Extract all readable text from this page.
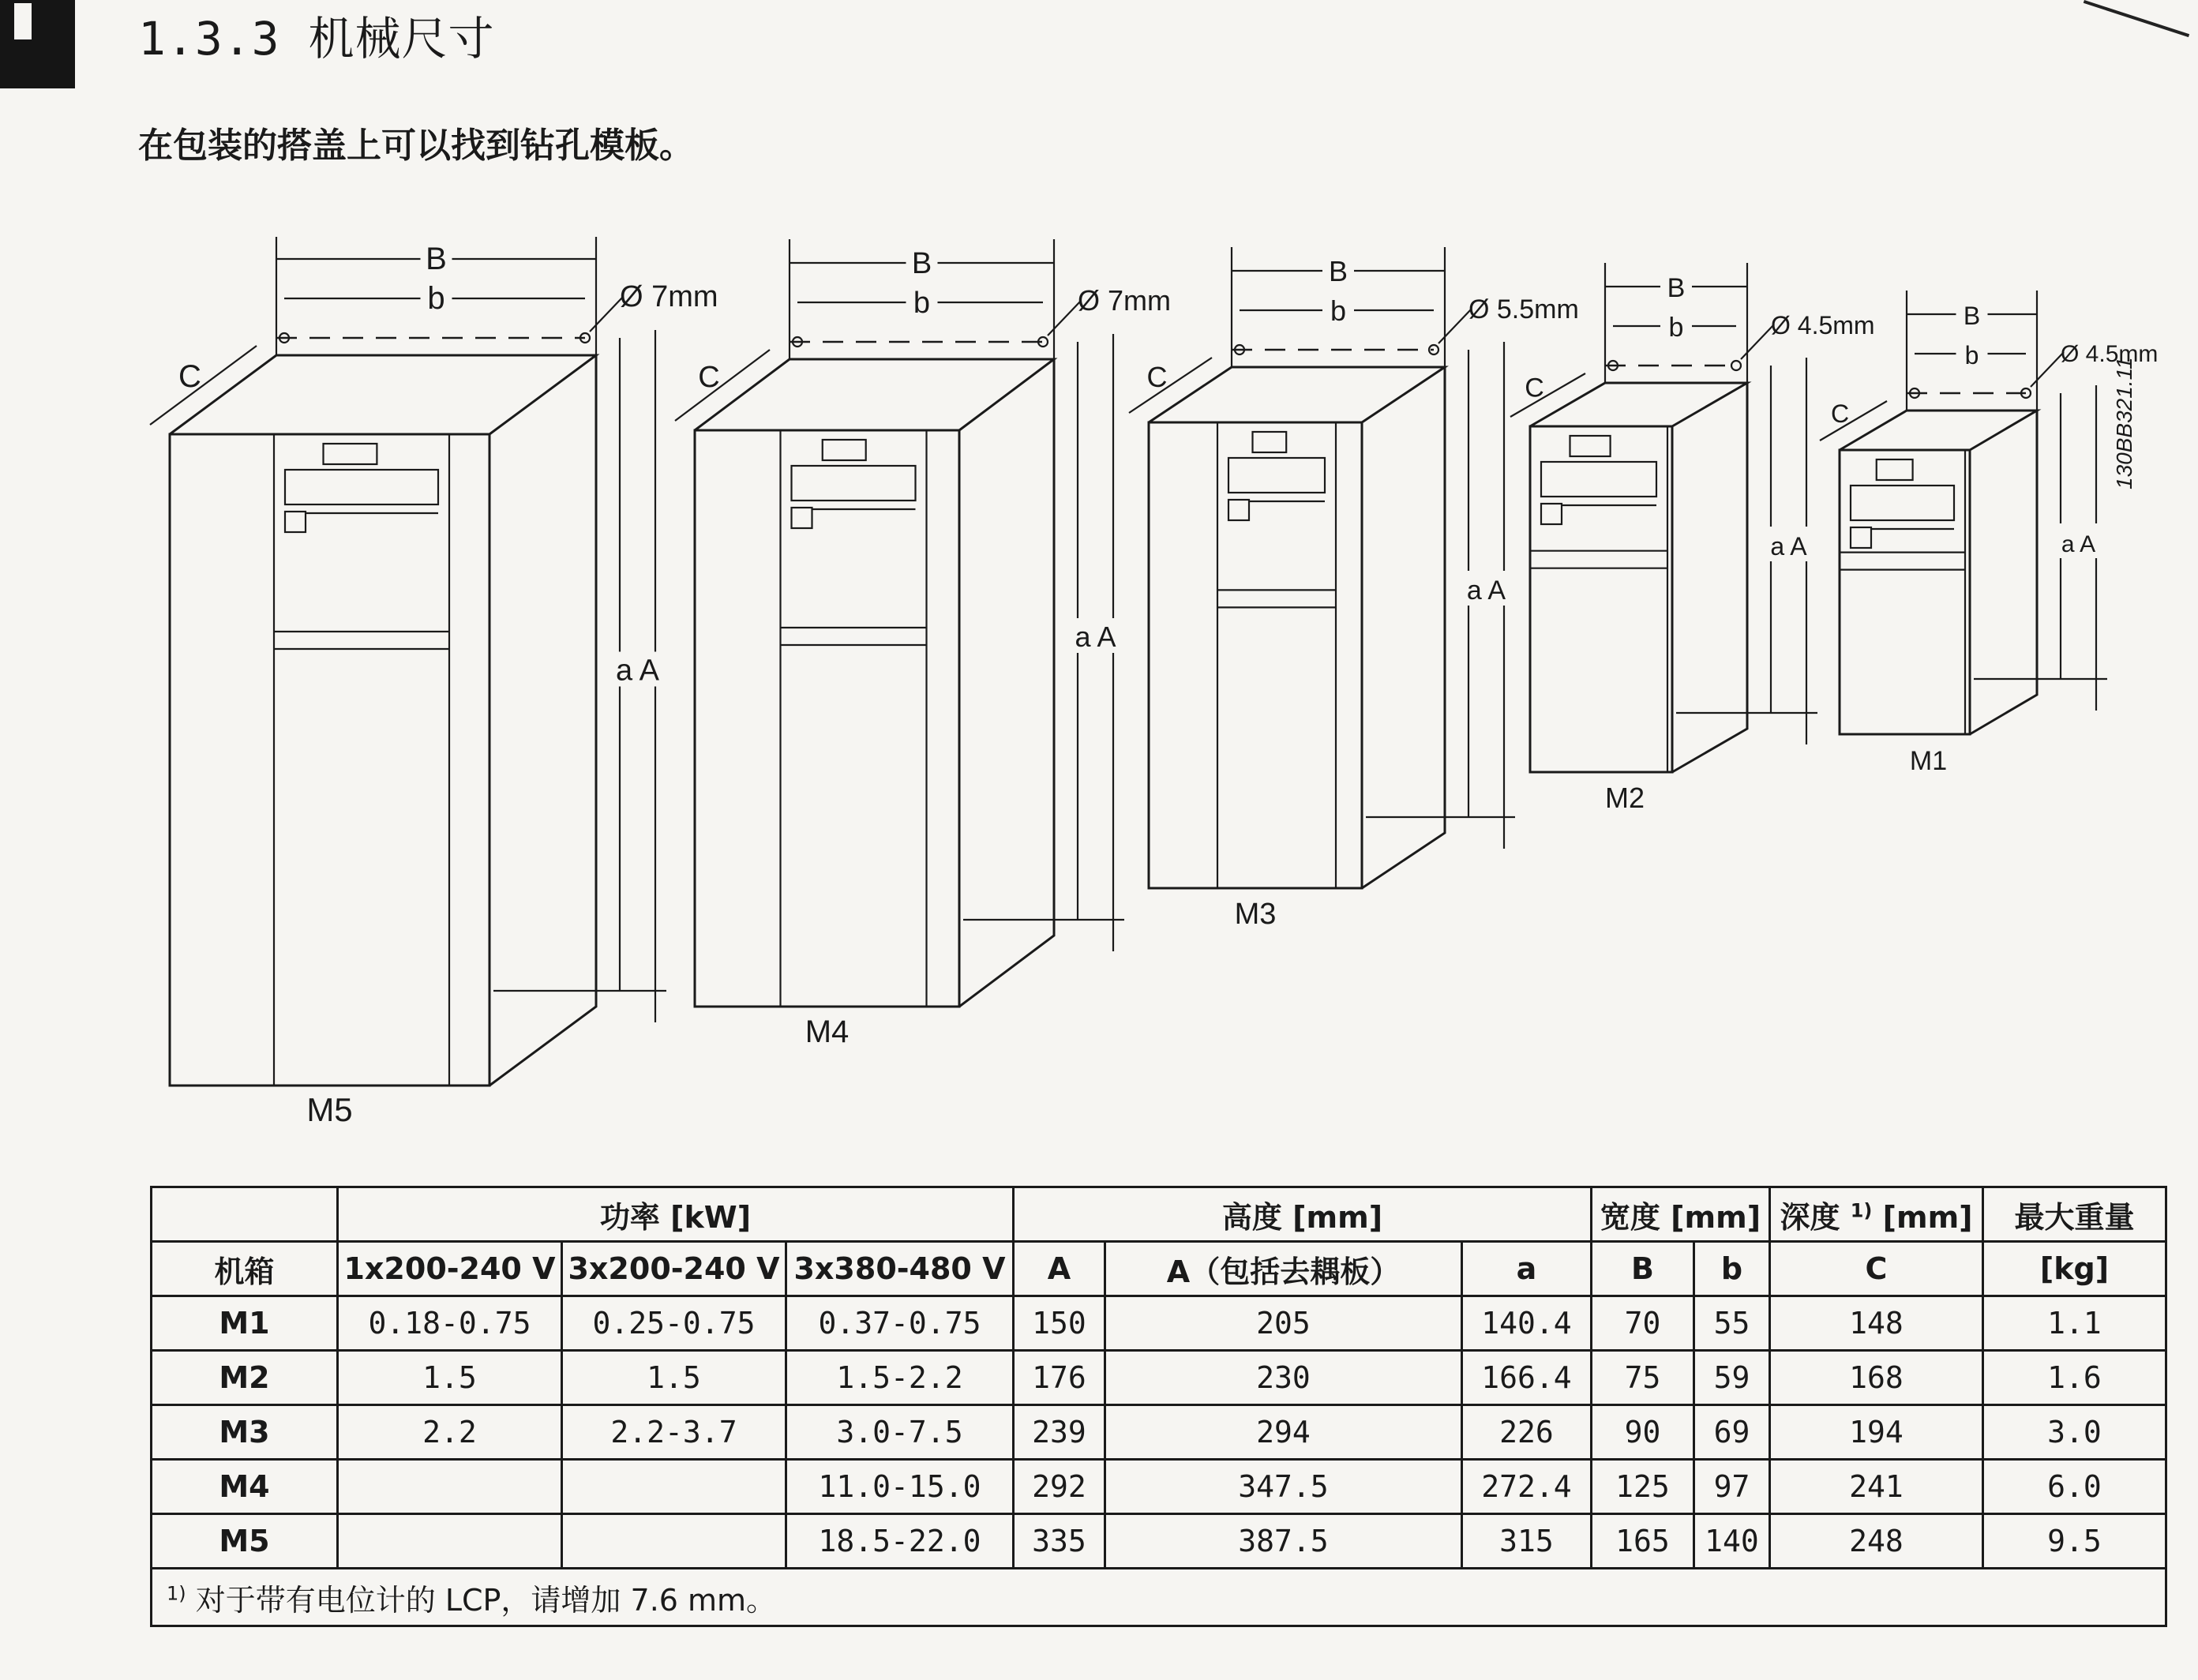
1.3.3 机械尺寸
在包装的搭盖上可以找到钻孔模板。
B
b	Ø 7mm
C
a A
M5
B
b	Ø 7mm
C
a A
M4
B
b	Ø 5.5mm
C
a A
M3
B
b	Ø 4.5mm
C
a A
M2
B
b	Ø 4.5mm
C
a A
M1
130BB321.11
	功率 [kW]			高度 [mm]			宽度 [mm]		深度 $^{1)}$ [mm]	最大重量
机箱	1x200-240 V	3x200-240 V	3x380-480 V	A	A（包括去耦板）	a	B	b	C	[kg]
M1	0.18-0.75	0.25-0.75	0.37-0.75	150	205	140.4	70	55	148	1.1
M2	1.5	1.5	1.5-2.2	176	230	166.4	75	59	168	1.6
M3	2.2	2.2-3.7	3.0-7.5	239	294	226	90	69	194	3.0
M4			11.0-15.0	292	347.5	272.4	125	97	241	6.0
M5			18.5-22.0	335	387.5	315	165	140	248	9.5
$^{1)}$ 对于带有电位计的 LCP，请增加 7.6 mm。										
